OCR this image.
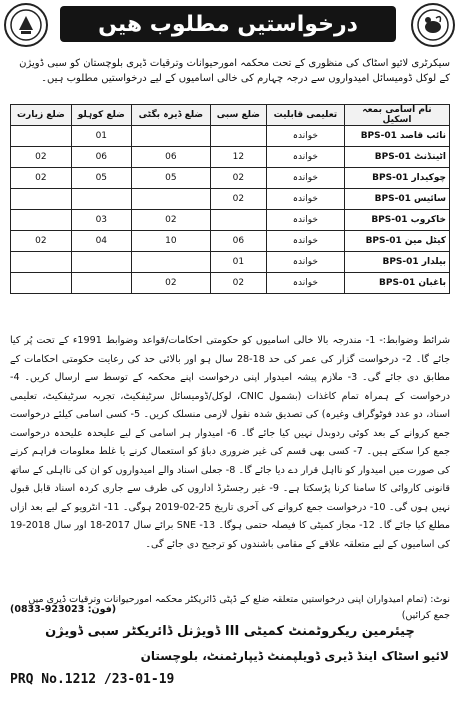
درخواستیں مطلوب ھیں
سیکرٹری لائیو اسٹاک کی منظوری کے تحت محکمہ امورحیوانات وترقیات ڈیری بلوچستان کو سبی ڈویژن کے لوکل ڈومیسائل امیدواروں سے درجہ چہارم کی خالی اسامیوں کے لیے درخواستیں مطلوب ہیں۔
نام اسامی بمعہ اسکیل	تعلیمی قابلیت	ضلع سبی	ضلع ڈیرہ بگٹی	ضلع کوہلو	ضلع زیارت
نائب قاصد BPS-01	خواندہ			01	
اٹینڈنٹ BPS-01	خواندہ	12	06	06	02
چوکیدار BPS-01	خواندہ	02	05	05	02
سائیس BPS-01	خواندہ	02			
خاکروب BPS-01	خواندہ		02	03	
کیٹل مین BPS-01	خواندہ	06	10	04	02
بیلدار BPS-01	خواندہ	01			
باغبان BPS-01	خواندہ	02	02		
شرائط وضوابط:- 1- مندرجہ بالا خالی اسامیوں کو حکومتی احکامات/قواعد وضوابط 1991ء کے تحت پُر کیا جائے گا۔ 2- درخواست گزار کی عمر کی حد 18-28 سال ہو اور بالائی حد کی رعایت حکومتی احکامات کے مطابق دی جائے گی۔ 3- ملازم پیشہ امیدوار اپنی درخواست اپنے محکمہ کے توسط سے ارسال کریں۔ 4- درخواست کے ہمراہ تمام کاغذات (بشمول CNIC، لوکل/ڈومیسائل سرٹیفکیٹ، تجربہ سرٹیفکیٹ، تعلیمی اسناد، دو عدد فوٹوگراف وغیرہ) کی تصدیق شدہ نقول لازمی منسلک کریں۔ 5- کسی اسامی کیلئے درخواست جمع کروانے کے بعد کوئی ردوبدل نہیں کیا جائے گا۔ 6- امیدوار ہر اسامی کے لیے علیحدہ علیحدہ درخواست جمع کرا سکتے ہیں۔ 7- کسی بھی قسم کی غیر ضروری دباؤ کو استعمال کرنے یا غلط معلومات فراہم کرنے کی صورت میں امیدوار کو نااہل قرار دے دیا جائے گا۔ 8- جعلی اسناد والے امیدواروں کو ان کی نااہلی کے ساتھ قانونی کاروائی کا سامنا کرنا پڑسکتا ہے۔ 9- غیر رجسٹرڈ اداروں کی طرف سے جاری کردہ اسناد قابل قبول نہیں ہوں گی۔ 10- درخواست جمع کروانے کی آخری تاریخ 25-02-2019 ہوگی۔ 11- انٹرویو کے لیے بعد ازاں مطلع کیا جائے گا۔ 12- مجاز کمیٹی کا فیصلہ حتمی ہوگا۔ 13- SNE برائے سال 2017-18 اور سال 2018-19 کی اسامیوں کے لیے متعلقہ علاقے کے مقامی باشندوں کو ترجیح دی جائے گی۔
نوٹ: (تمام امیدواران اپنی درخواستیں متعلقہ ضلع کے ڈپٹی ڈائریکٹر محکمہ امورحیوانات وترقیات ڈیری میں جمع کرائیں)
(0833-923023 :فون)
چیئرمین ریکروٹمنٹ کمیٹی III ڈویژنل ڈائریکٹر سبی ڈویژن
لائیو اسٹاک اینڈ ڈیری ڈویلپمنٹ ڈیپارٹمنٹ، بلوچستان
PRQ No.1212 /23-01-19
